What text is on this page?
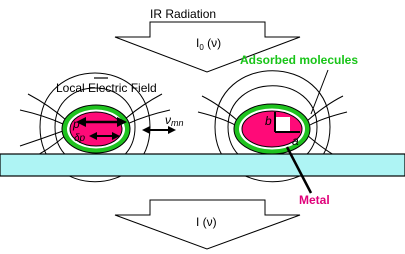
IR Radiation
$I_0$ (ν)
p
δp
νmn	b
a
Local Electric Field
Adsorbed molecules
Metal
I (ν)
